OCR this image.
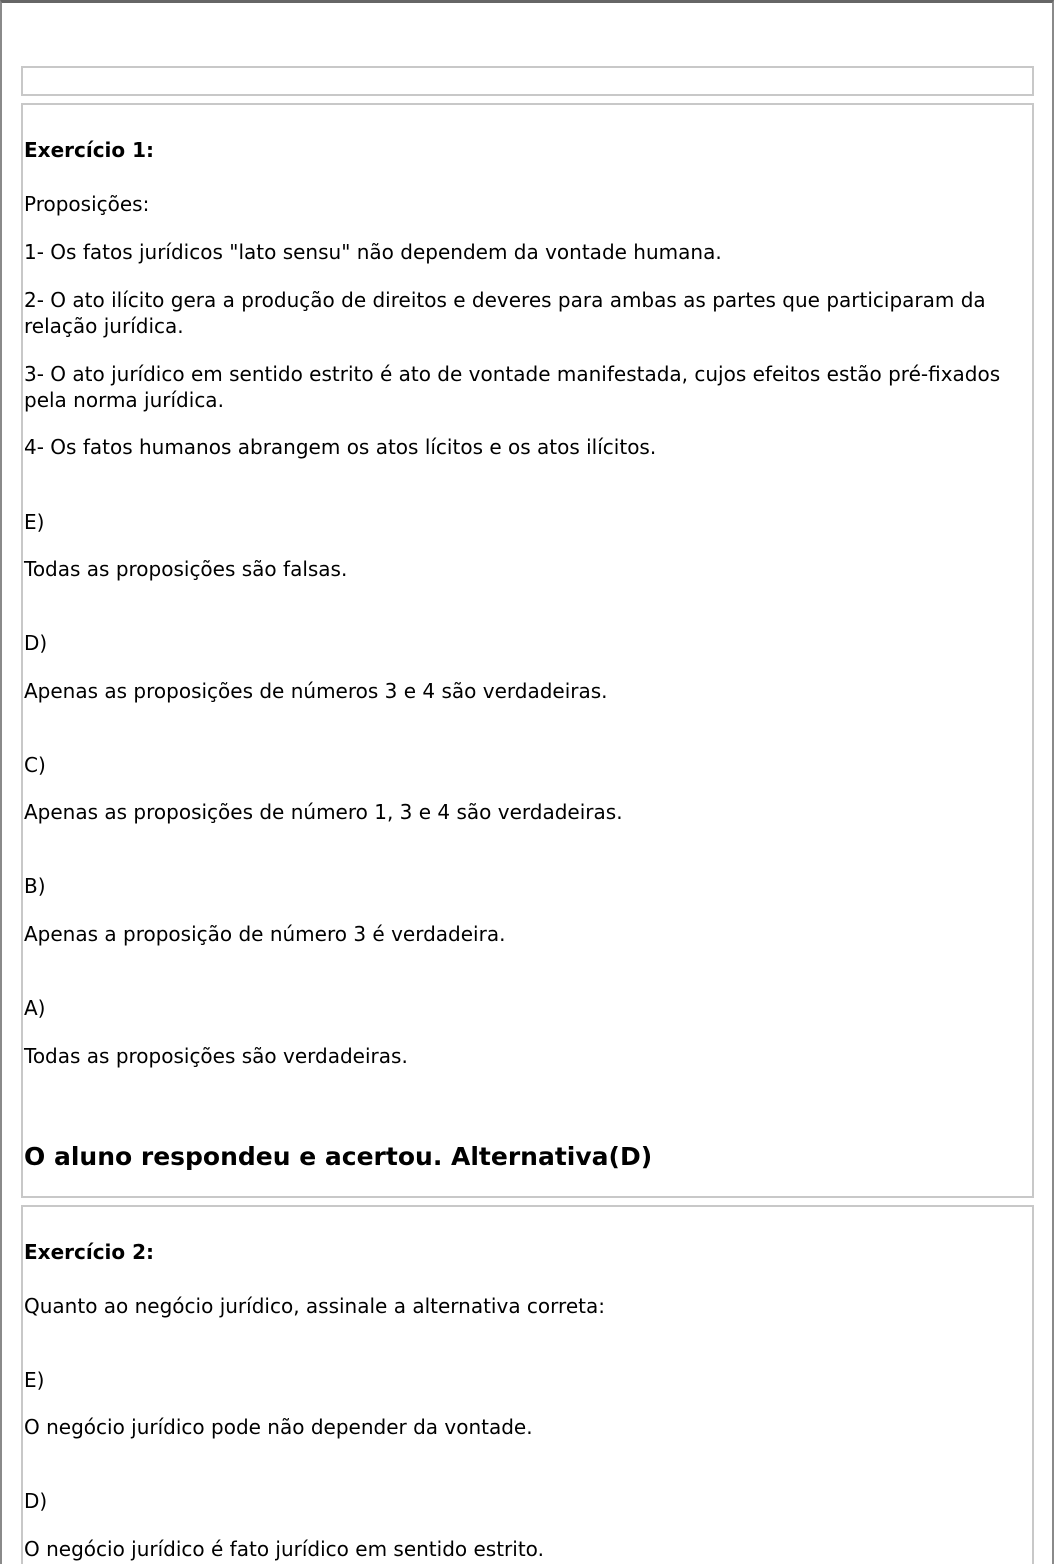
Exercício 1:

Proposições:

1- Os fatos jurídicos "lato sensu" não dependem da vontade humana.

2- O ato ilícito gera a produção de direitos e deveres para ambas as partes que participaram da relação jurídica.

3- O ato jurídico em sentido estrito é ato de vontade manifestada, cujos efeitos estão pré-fixados pela norma jurídica.

4- Os fatos humanos abrangem os atos lícitos e os atos ilícitos.

E)

Todas as proposições são falsas.

D)

Apenas as proposições de números 3 e 4 são verdadeiras.

C)

Apenas as proposições de número 1, 3 e 4 são verdadeiras.

B)

Apenas a proposição de número 3 é verdadeira.

A)

Todas as proposições são verdadeiras.

O aluno respondeu e acertou. Alternativa(D)

Exercício 2:

Quanto ao negócio jurídico, assinale a alternativa correta:

E)

O negócio jurídico pode não depender da vontade.

D)

O negócio jurídico é fato jurídico em sentido estrito.
